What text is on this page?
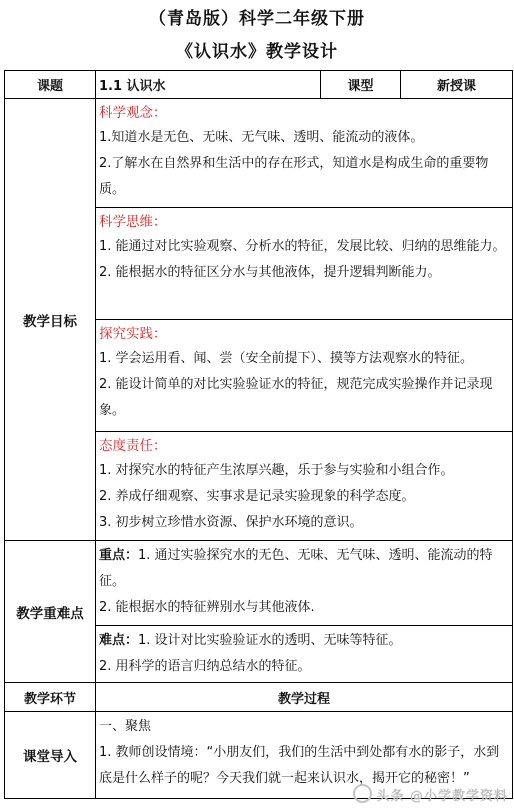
（青岛版）科学二年级下册
《认识水》教学设计
课题	1.1 认识水	课型	新授课
教学目标	科学观念：
1.知道水是无色、无味、无气味、透明、能流动的液体。
2.了解水在自然界和生活中的存在形式，知道水是构成生命的重要物质。		

	科学思维：
1. 能通过对比实验观察、分析水的特征，发展比较、归纳的思维能力。
2. 能根据水的特征区分水与其他液体，提升逻辑判断能力。		

	探究实践：
1. 学会运用看、闻、尝（安全前提下）、摸等方法观察水的特征。
2. 能设计简单的对比实验验证水的特征，规范完成实验操作并记录现象。		

	态度责任：
1. 对探究水的特征产生浓厚兴趣，乐于参与实验和小组合作。
2. 养成仔细观察、实事求是记录实验现象的科学态度。
3. 初步树立珍惜水资源、保护水环境的意识。		

教学重难点	重点：1. 通过实验探究水的无色、无味、无气味、透明、能流动的特征。
2. 能根据水的特征辨别水与其他液体.		

	难点：1. 设计对比实验验证水的透明、无味等特征。
2. 用科学的语言归纳总结水的特征。		

教学环节	教学过程		
课堂导入	一、聚焦
1. 教师创设情境：“小朋友们，我们的生活中到处都有水的影子，水到底是什么样子的呢？今天我们就一起来认识水，揭开它的秘密！”		
头条 @小学教学资料
